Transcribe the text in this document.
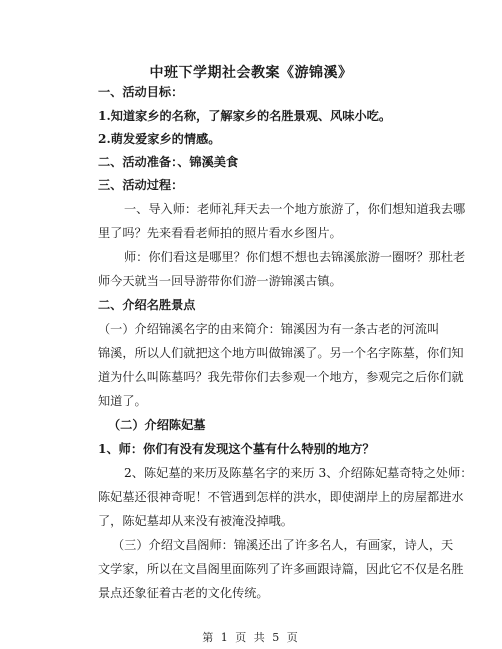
中班下学期社会教案《游锦溪》
一、活动目标：
1.知道家乡的名称，了解家乡的名胜景观、风味小吃。
2.萌发爱家乡的情感。
二、活动准备：、锦溪美食
三、活动过程：
一、导入师：老师礼拜天去一个地方旅游了，你们想知道我去哪
里了吗？先来看看老师拍的照片看水乡图片。
师：你们看这是哪里？你们想不想也去锦溪旅游一圈呀？那杜老
师今天就当一回导游带你们游一游锦溪古镇。
二、介绍名胜景点
（一）介绍锦溪名字的由来简介：锦溪因为有一条古老的河流叫
锦溪，所以人们就把这个地方叫做锦溪了。另一个名字陈墓，你们知
道为什么叫陈墓吗？我先带你们去参观一个地方，参观完之后你们就
知道了。
（二）介绍陈妃墓
1、师：你们有没有发现这个墓有什么特别的地方？
2、陈妃墓的来历及陈墓名字的来历 3、介绍陈妃墓奇特之处师：
陈妃墓还很神奇呢！不管遇到怎样的洪水，即使湖岸上的房屋都进水
了，陈妃墓却从来没有被淹没掉哦。
（三）介绍文昌阁师：锦溪还出了许多名人，有画家，诗人，天
文学家，所以在文昌阁里面陈列了许多画跟诗篇，因此它不仅是名胜
景点还象征着古老的文化传统。
第 1 页 共 5 页
